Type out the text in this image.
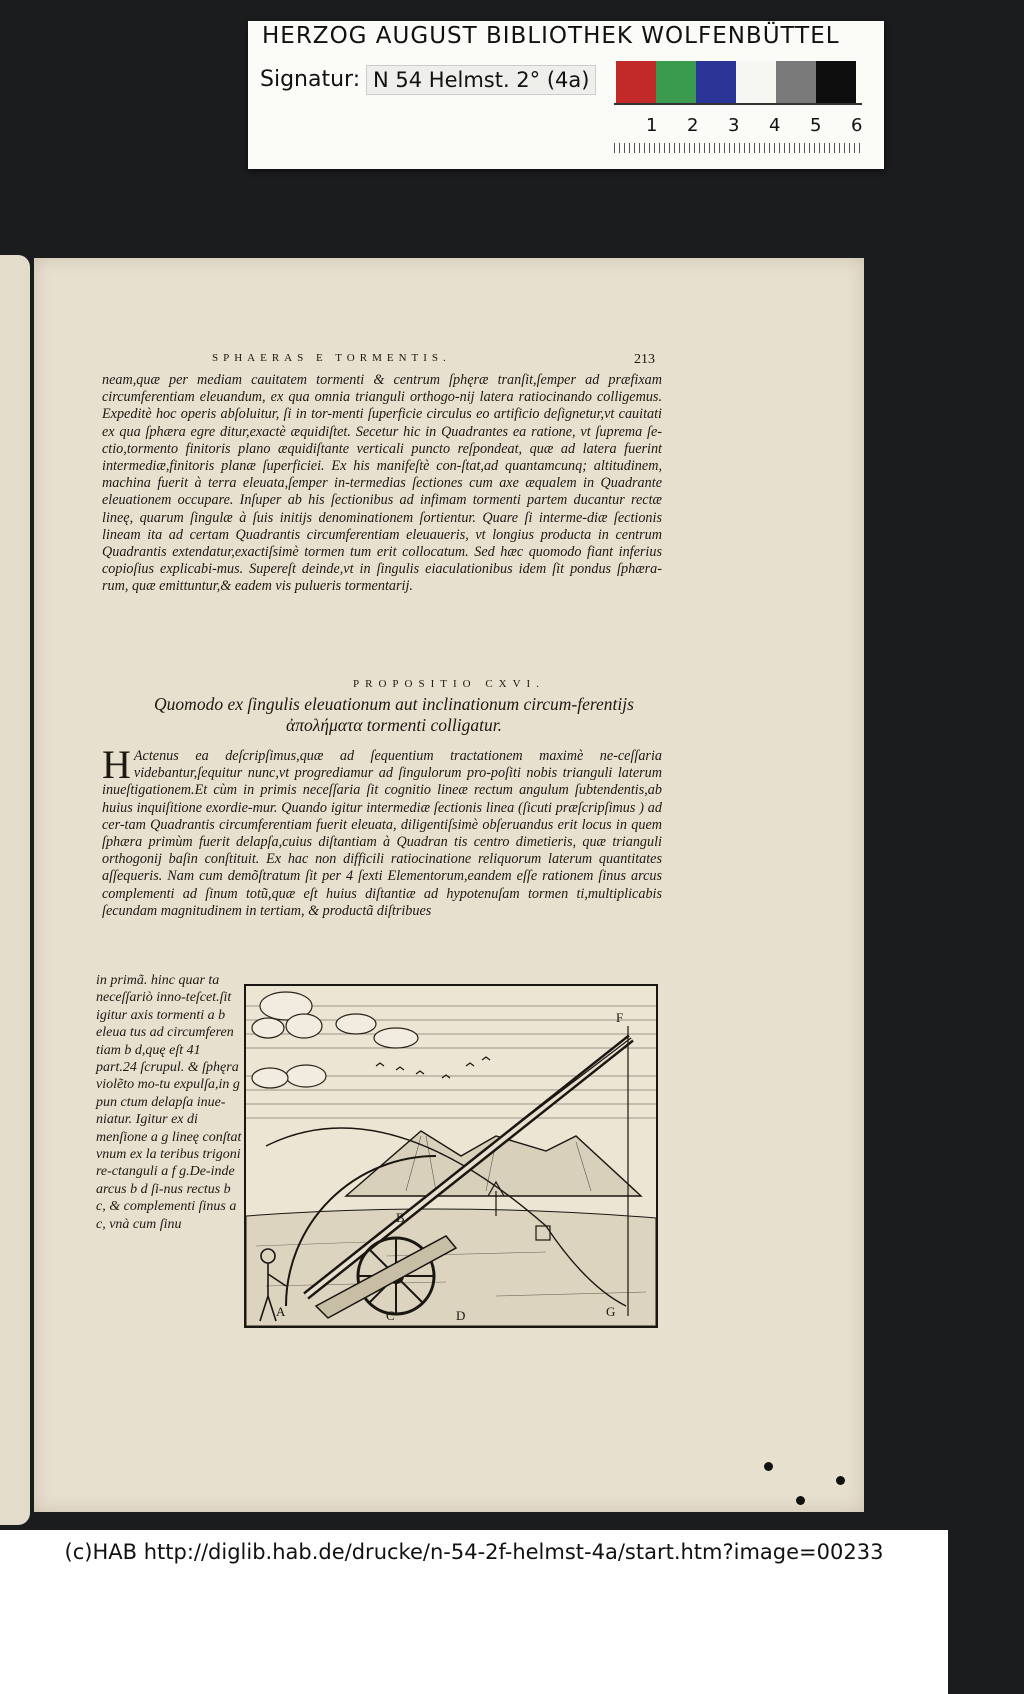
HERZOG AUGUST BIBLIOTHEK WOLFENBÜTTEL
Signatur: N 54 Helmst. 2° (4a)
1 2 3 4 5 6
SPHAERAS E TORMENTIS.	213
neam,quæ per mediam cauitatem tormenti & centrum ſphęræ tranſit,ſemper ad præfixam circumferentiam eleuandum, ex qua omnia trianguli orthogo-nij latera ratiocinando colligemus. Expeditè hoc operis abſoluitur, ſi in tor-menti ſuperficie circulus eo artificio deſignetur,vt cauitati ex qua ſphæra egre ditur,exactè æquidiſtet. Secetur hic in Quadrantes ea ratione, vt ſuprema ſe-ctio,tormento finitoris plano æquidiſtante verticali puncto reſpondeat, quæ ad latera fuerint intermediæ,finitoris planæ ſuperficiei. Ex his manifeſtè con-ſtat,ad quantamcunq; altitudinem, machina fuerit à terra eleuata,ſemper in-termedias ſectiones cum axe æqualem in Quadrante eleuationem occupare. Inſuper ab his ſectionibus ad infimam tormenti partem ducantur rectæ lineę, quarum ſingulæ à ſuis initijs denominationem ſortientur. Quare ſi interme-diæ ſectionis lineam ita ad certam Quadrantis circumferentiam eleuaueris, vt longius producta in centrum Quadrantis extendatur,exactiſsimè tormen tum erit collocatum. Sed hæc quomodo fiant inferius copioſius explicabi-mus. Supereſt deinde,vt in ſingulis eiaculationibus idem ſit pondus ſphæra-rum, quæ emittuntur,& eadem vis pulueris tormentarij.
PROPOSITIO CXVI.
Quomodo ex ſingulis eleuationum aut inclinationum circum-ferentijs ἀπολήματα tormenti colligatur.
H Actenus ea deſcripſimus,quæ ad ſequentium tractationem maximè ne-ceſſaria videbantur,ſequitur nunc,vt progrediamur ad ſingulorum pro-poſiti nobis trianguli laterum inueſtigationem.Et cùm in primis neceſſaria ſit cognitio lineæ rectum angulum ſubtendentis,ab huius inquiſitione exordie-mur. Quando igitur intermediæ ſectionis linea (ſicuti præſcripſimus ) ad cer-tam Quadrantis circumferentiam fuerit eleuata, diligentiſsimè obſeruandus erit locus in quem ſphæra primùm fuerit delapſa,cuius diſtantiam à Quadran tis centro dimetieris, quæ trianguli orthogonij baſin conſtituit. Ex hac non difficili ratiocinatione reliquorum laterum quantitates aſſequeris. Nam cum demõſtratum ſit per 4 ſexti Elementorum,eandem eſſe rationem ſinus arcus complementi ad ſinum totũ,quæ eſt huius diſtantiæ ad hypotenuſam tormen ti,multiplicabis ſecundam magnitudinem in tertiam, & productã diſtribues
in primã. hinc quar ta neceſſariò inno-teſcet.ſit igitur axis tormenti a b eleua tus ad circumferen tiam b d,quę eſt 41 part.24 ſcrupul. & ſphęra violẽto mo-tu expulſa,in g pun ctum delapſa inue-niatur. Igitur ex di menſione a g lineę conſtat vnum ex la teribus trigoni re-ctanguli a f g.De-inde arcus b d ſi-nus rectus b c, & complementi ſinus a c, vnà cum ſinu
F
B
A	C	D	G
(c)HAB http://diglib.hab.de/drucke/n-54-2f-helmst-4a/start.htm?image=00233
